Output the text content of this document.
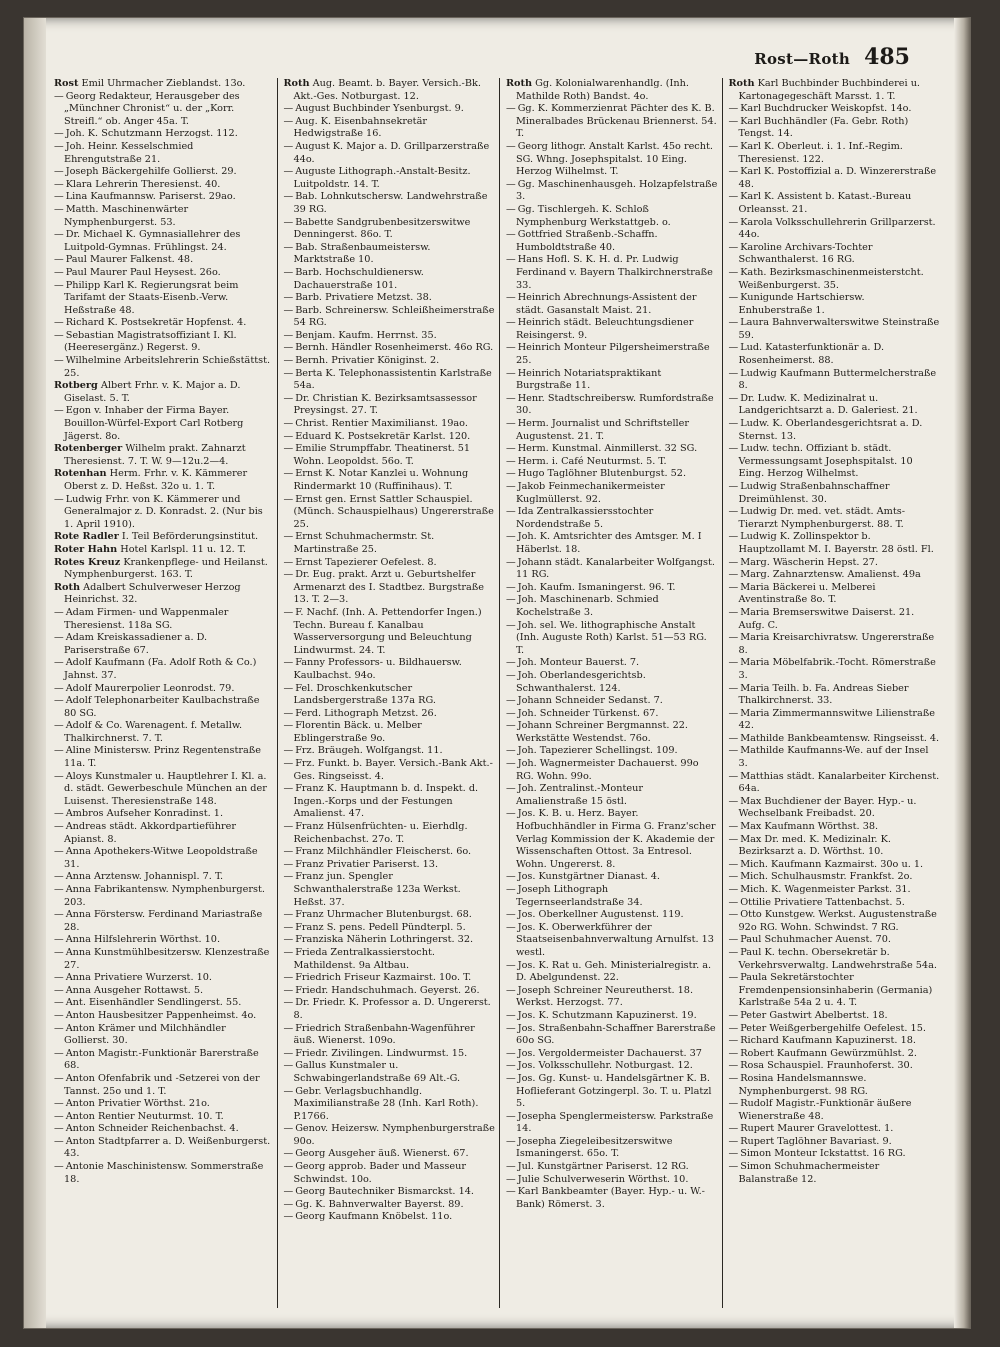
Rost—Roth 485
Rost Emil Uhrmacher Zieblandst. 13o.
— Georg Redakteur, Herausgeber des „Münchner Chronist“ u. der „Korr. Streifl.“ ob. Anger 45a. T.
— Joh. K. Schutzmann Herzogst. 112.
— Joh. Heinr. Kesselschmied Ehrengutstraße 21.
— Joseph Bäckergehilfe Gollierst. 29.
— Klara Lehrerin Theresienst. 40.
— Lina Kaufmannsw. Pariserst. 29ao.
— Matth. Maschinenwärter Nymphenburgerst. 53.
— Dr. Michael K. Gymnasiallehrer des Luitpold-Gymnas. Frühlingst. 24.
— Paul Maurer Falkenst. 48.
— Paul Maurer Paul Heysest. 26o.
— Philipp Karl K. Regierungsrat beim Tarifamt der Staats-Eisenb.-Verw. Heßstraße 48.
— Richard K. Postsekretär Hopfenst. 4.
— Sebastian Magistratsoffiziant I. Kl. (Heeresergänz.) Regerst. 9.
— Wilhelmine Arbeitslehrerin Schießstättst. 25.
Rotberg Albert Frhr. v. K. Major a. D. Giselast. 5. T.
— Egon v. Inhaber der Firma Bayer. Bouillon-Würfel-Export Carl Rotberg Jägerst. 8o.
Rotenberger Wilhelm prakt. Zahnarzt Theresienst. 7. T. W. 9—12u.2—4.
Rotenhan Herm. Frhr. v. K. Kämmerer Oberst z. D. Heßst. 32o u. 1. T.
— Ludwig Frhr. von K. Kämmerer und Generalmajor z. D. Konradst. 2. (Nur bis 1. April 1910).
Rote Radler I. Teil Beförderungsinstitut.
Roter Hahn Hotel Karlspl. 11 u. 12. T.
Rotes Kreuz Krankenpflege- und Heilanst. Nymphenburgerst. 163. T.
Roth Adalbert Schulverweser Herzog Heinrichst. 32.
— Adam Firmen- und Wappenmaler Theresienst. 118a SG.
— Adam Kreiskassadiener a. D. Pariserstraße 67.
— Adolf Kaufmann (Fa. Adolf Roth & Co.) Jahnst. 37.
— Adolf Maurerpolier Leonrodst. 79.
— Adolf Telephonarbeiter Kaulbachstraße 80 SG.
— Adolf & Co. Warenagent. f. Metallw. Thalkirchnerst. 7. T.
— Aline Ministersw. Prinz Regentenstraße 11a. T.
— Aloys Kunstmaler u. Hauptlehrer I. Kl. a. d. städt. Gewerbeschule München an der Luisenst. Theresienstraße 148.
— Ambros Aufseher Konradinst. 1.
— Andreas städt. Akkordpartieführer Apianst. 8.
— Anna Apothekers-Witwe Leopoldstraße 31.
— Anna Arztensw. Johannispl. 7. T.
— Anna Fabrikantensw. Nymphenburgerst. 203.
— Anna Förstersw. Ferdinand Mariastraße 28.
— Anna Hilfslehrerin Wörthst. 10.
— Anna Kunstmühlbesitzersw. Klenzestraße 27.
— Anna Privatiere Wurzerst. 10.
— Anna Ausgeher Rottawst. 5.
— Ant. Eisenhändler Sendlingerst. 55.
— Anton Hausbesitzer Pappenheimst. 4o.
— Anton Krämer und Milchhändler Gollierst. 30.
— Anton Magistr.-Funktionär Barerstraße 68.
— Anton Ofenfabrik und -Setzerei von der Tannst. 25o und 1. T.
— Anton Privatier Wörthst. 21o.
— Anton Rentier Neuturmst. 10. T.
— Anton Schneider Reichenbachst. 4.
— Anton Stadtpfarrer a. D. Weißenburgerst. 43.
— Antonie Maschinistensw. Sommerstraße 18.
Roth Aug. Beamt. b. Bayer. Versich.-Bk. Akt.-Ges. Notburgast. 12.
— August Buchbinder Ysenburgst. 9.
— Aug. K. Eisenbahnsekretär Hedwigstraße 16.
— August K. Major a. D. Grillparzerstraße 44o.
— Auguste Lithograph.-Anstalt-Besitz. Luitpoldstr. 14. T.
— Bab. Lohnkutschersw. Landwehrstraße 39 RG.
— Babette Sandgrubenbesitzerswitwe Denningerst. 86o. T.
— Bab. Straßenbaumeistersw. Marktstraße 10.
— Barb. Hochschuldienersw. Dachauerstraße 101.
— Barb. Privatiere Metzst. 38.
— Barb. Schreinersw. Schleißheimerstraße 54 RG.
— Benjam. Kaufm. Herrnst. 35.
— Bernh. Händler Rosenheimerst. 46o RG.
— Bernh. Privatier Königinst. 2.
— Berta K. Telephonassistentin Karlstraße 54a.
— Dr. Christian K. Bezirksamtsassessor Preysingst. 27. T.
— Christ. Rentier Maximilianst. 19ao.
— Eduard K. Postsekretär Karlst. 120.
— Emilie Strumpffabr. Theatinerst. 51 Wohn. Leopoldst. 56o. T.
— Ernst K. Notar Kanzlei u. Wohnung Rindermarkt 10 (Ruffinihaus). T.
— Ernst gen. Ernst Sattler Schauspiel. (Münch. Schauspielhaus) Ungererstraße 25.
— Ernst Schuhmachermstr. St. Martinstraße 25.
— Ernst Tapezierer Oefelest. 8.
— Dr. Eug. prakt. Arzt u. Geburtshelfer Armenarzt des I. Stadtbez. Burgstraße 13. T. 2—3.
— F. Nachf. (Inh. A. Pettendorfer Ingen.) Techn. Bureau f. Kanalbau Wasserversorgung und Beleuchtung Lindwurmst. 24. T.
— Fanny Professors- u. Bildhauersw. Kaulbachst. 94o.
— Fel. Droschkenkutscher Landsbergerstraße 137a RG.
— Ferd. Lithograph Metzst. 26.
— Florentin Bäck. u. Melber Eblingerstraße 9o.
— Frz. Bräugeh. Wolfgangst. 11.
— Frz. Funkt. b. Bayer. Versich.-Bank Akt.-Ges. Ringseisst. 4.
— Franz K. Hauptmann b. d. Inspekt. d. Ingen.-Korps und der Festungen Amalienst. 47.
— Franz Hülsenfrüchten- u. Eierhdlg. Reichenbachst. 27o. T.
— Franz Milchhändler Fleischerst. 6o.
— Franz Privatier Pariserst. 13.
— Franz jun. Spengler Schwanthalerstraße 123a Werkst. Heßst. 37.
— Franz Uhrmacher Blutenburgst. 68.
— Franz S. pens. Pedell Pündterpl. 5.
— Franziska Näherin Lothringerst. 32.
— Frieda Zentralkassierstocht. Mathildenst. 9a Altbau.
— Friedrich Friseur Kazmairst. 10o. T.
— Friedr. Handschuhmach. Geyerst. 26.
— Dr. Friedr. K. Professor a. D. Ungererst. 8.
— Friedrich Straßenbahn-Wagenführer äuß. Wienerst. 109o.
— Friedr. Zivilingen. Lindwurmst. 15.
— Gallus Kunstmaler u. Schwabingerlandstraße 69 Alt.-G.
— Gebr. Verlagsbuchhandlg. Maximilianstraße 28 (Inh. Karl Roth). P.1766.
— Genov. Heizersw. Nymphenburgerstraße 90o.
— Georg Ausgeher äuß. Wienerst. 67.
— Georg approb. Bader und Masseur Schwindst. 10o.
— Georg Bautechniker Bismarckst. 14.
— Gg. K. Bahnverwalter Bayerst. 89.
— Georg Kaufmann Knöbelst. 11o.
Roth Gg. Kolonialwarenhandlg. (Inh. Mathilde Roth) Bandst. 4o.
— Gg. K. Kommerzienrat Pächter des K. B. Mineralbades Brückenau Briennerst. 54. T.
— Georg lithogr. Anstalt Karlst. 45o recht. SG. Whng. Josephspitalst. 10 Eing. Herzog Wilhelmst. T.
— Gg. Maschinenhausgeh. Holzapfelstraße 3.
— Gg. Tischlergeh. K. Schloß Nymphenburg Werkstattgeb. o.
— Gottfried Straßenb.-Schaffn. Humboldtstraße 40.
— Hans Hofl. S. K. H. d. Pr. Ludwig Ferdinand v. Bayern Thalkirchnerstraße 33.
— Heinrich Abrechnungs-Assistent der städt. Gasanstalt Maist. 21.
— Heinrich städt. Beleuchtungsdiener Reisingerst. 9.
— Heinrich Monteur Pilgersheimerstraße 25.
— Heinrich Notariatspraktikant Burgstraße 11.
— Henr. Stadtschreibersw. Rumfordstraße 30.
— Herm. Journalist und Schriftsteller Augustenst. 21. T.
— Herm. Kunstmal. Ainmillerst. 32 SG.
— Herm. i. Café Neuturmst. 5. T.
— Hugo Taglöhner Blutenburgst. 52.
— Jakob Feinmechanikermeister Kuglmüllerst. 92.
— Ida Zentralkassiersstochter Nordendstraße 5.
— Joh. K. Amtsrichter des Amtsger. M. I Häberlst. 18.
— Johann städt. Kanalarbeiter Wolfgangst. 11 RG.
— Joh. Kaufm. Ismaningerst. 96. T.
— Joh. Maschinenarb. Schmied Kochelstraße 3.
— Joh. sel. We. lithographische Anstalt (Inh. Auguste Roth) Karlst. 51—53 RG. T.
— Joh. Monteur Bauerst. 7.
— Joh. Oberlandesgerichtsb. Schwanthalerst. 124.
— Johann Schneider Sedanst. 7.
— Joh. Schneider Türkenst. 67.
— Johann Schreiner Bergmannst. 22. Werkstätte Westendst. 76o.
— Joh. Tapezierer Schellingst. 109.
— Joh. Wagnermeister Dachauerst. 99o RG. Wohn. 99o.
— Joh. Zentralinst.-Monteur Amalienstraße 15 östl.
— Jos. K. B. u. Herz. Bayer. Hofbuchhändler in Firma G. Franz'scher Verlag Kommission der K. Akademie der Wissenschaften Ottost. 3a Entresol. Wohn. Ungererst. 8.
— Jos. Kunstgärtner Dianast. 4.
— Joseph Lithograph Tegernseerlandstraße 34.
— Jos. Oberkellner Augustenst. 119.
— Jos. K. Oberwerkführer der Staatseisenbahnverwaltung Arnulfst. 13 westl.
— Jos. K. Rat u. Geh. Ministerialregistr. a. D. Abelgundenst. 22.
— Joseph Schreiner Neureutherst. 18. Werkst. Herzogst. 77.
— Jos. K. Schutzmann Kapuzinerst. 19.
— Jos. Straßenbahn-Schaffner Barerstraße 60o SG.
— Jos. Vergoldermeister Dachauerst. 37
— Jos. Volksschullehr. Notburgast. 12.
— Jos. Gg. Kunst- u. Handelsgärtner K. B. Hoflieferant Gotzingerpl. 3o. T. u. Platzl 5.
— Josepha Spenglermeistersw. Parkstraße 14.
— Josepha Ziegeleibesitzerswitwe Ismaningerst. 65o. T.
— Jul. Kunstgärtner Pariserst. 12 RG.
— Julie Schulverweserin Wörthst. 10.
— Karl Bankbeamter (Bayer. Hyp.- u. W.-Bank) Römerst. 3.
Roth Karl Buchbinder Buchbinderei u. Kartonagegeschäft Marsst. 1. T.
— Karl Buchdrucker Weiskopfst. 14o.
— Karl Buchhändler (Fa. Gebr. Roth) Tengst. 14.
— Karl K. Oberleut. i. 1. Inf.-Regim. Theresienst. 122.
— Karl K. Postoffizial a. D. Winzererstraße 48.
— Karl K. Assistent b. Katast.-Bureau Orleansst. 21.
— Karola Volksschullehrerin Grillparzerst. 44o.
— Karoline Archivars-Tochter Schwanthalerst. 16 RG.
— Kath. Bezirksmaschinenmeisterstcht. Weißenburgerst. 35.
— Kunigunde Hartschiersw. Enhuberstraße 1.
— Laura Bahnverwalterswitwe Steinstraße 59.
— Lud. Katasterfunktionär a. D. Rosenheimerst. 88.
— Ludwig Kaufmann Buttermelcherstraße 8.
— Dr. Ludw. K. Medizinalrat u. Landgerichtsarzt a. D. Galeriest. 21.
— Ludw. K. Oberlandesgerichtsrat a. D. Sternst. 13.
— Ludw. techn. Offiziant b. städt. Vermessungsamt Josephspitalst. 10 Eing. Herzog Wilhelmst.
— Ludwig Straßenbahnschaffner Dreimühlenst. 30.
— Ludwig Dr. med. vet. städt. Amts-Tierarzt Nymphenburgerst. 88. T.
— Ludwig K. Zollinspektor b. Hauptzollamt M. I. Bayerstr. 28 östl. Fl.
— Marg. Wäscherin Hepst. 27.
— Marg. Zahnarztensw. Amalienst. 49a
— Maria Bäckerei u. Melberei Aventinstraße 8o. T.
— Maria Bremserswitwe Daiserst. 21. Aufg. C.
— Maria Kreisarchivratsw. Ungererstraße 8.
— Maria Möbelfabrik.-Tocht. Römerstraße 3.
— Maria Teilh. b. Fa. Andreas Sieber Thalkirchnerst. 33.
— Maria Zimmermannswitwe Lilienstraße 42.
— Mathilde Bankbeamtensw. Ringseisst. 4.
— Mathilde Kaufmanns-We. auf der Insel 3.
— Matthias städt. Kanalarbeiter Kirchenst. 64a.
— Max Buchdiener der Bayer. Hyp.- u. Wechselbank Freibadst. 20.
— Max Kaufmann Wörthst. 38.
— Max Dr. med. K. Medizinalr. K. Bezirksarzt a. D. Wörthst. 10.
— Mich. Kaufmann Kazmairst. 30o u. 1.
— Mich. Schulhausmstr. Frankfst. 2o.
— Mich. K. Wagenmeister Parkst. 31.
— Ottilie Privatiere Tattenbachst. 5.
— Otto Kunstgew. Werkst. Augustenstraße 92o RG. Wohn. Schwindst. 7 RG.
— Paul Schuhmacher Auenst. 70.
— Paul K. techn. Obersekretär b. Verkehrsverwaltg. Landwehrstraße 54a.
— Paula Sekretärstochter Fremdenpensionsinhaberin (Germania) Karlstraße 54a 2 u. 4. T.
— Peter Gastwirt Abelbertst. 18.
— Peter Weißgerbergehilfe Oefelest. 15.
— Richard Kaufmann Kapuzinerst. 18.
— Robert Kaufmann Gewürzmühlst. 2.
— Rosa Schauspiel. Fraunhoferst. 30.
— Rosina Handelsmannswe. Nymphenburgerst. 98 RG.
— Rudolf Magistr.-Funktionär äußere Wienerstraße 48.
— Rupert Maurer Gravelottest. 1.
— Rupert Taglöhner Bavariast. 9.
— Simon Monteur Ickstattst. 16 RG.
— Simon Schuhmachermeister Balanstraße 12.
